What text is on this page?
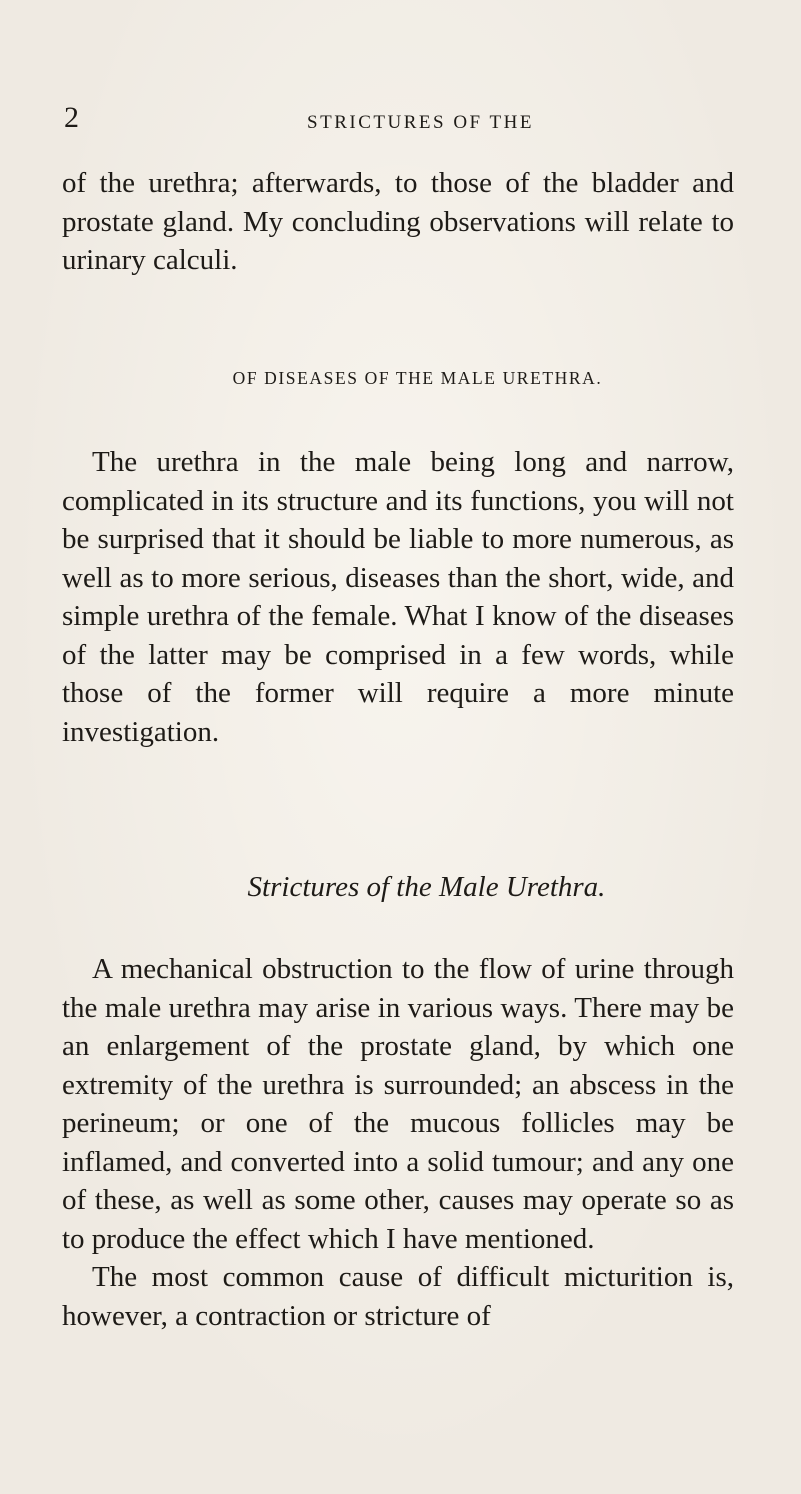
2	STRICTURES OF THE

of the urethra; afterwards, to those of the bladder and prostate gland. My concluding observations will relate to urinary calculi.

OF DISEASES OF THE MALE URETHRA.

The urethra in the male being long and narrow, complicated in its structure and its functions, you will not be surprised that it should be liable to more numerous, as well as to more serious, diseases than the short, wide, and simple urethra of the female. What I know of the diseases of the latter may be comprised in a few words, while those of the former will require a more minute investigation.

Strictures of the Male Urethra.

A mechanical obstruction to the flow of urine through the male urethra may arise in various ways. There may be an enlargement of the prostate gland, by which one extremity of the urethra is surrounded; an abscess in the perineum; or one of the mucous follicles may be inflamed, and converted into a solid tumour; and any one of these, as well as some other, causes may operate so as to produce the effect which I have mentioned.

The most common cause of difficult micturition is, however, a contraction or stricture of
